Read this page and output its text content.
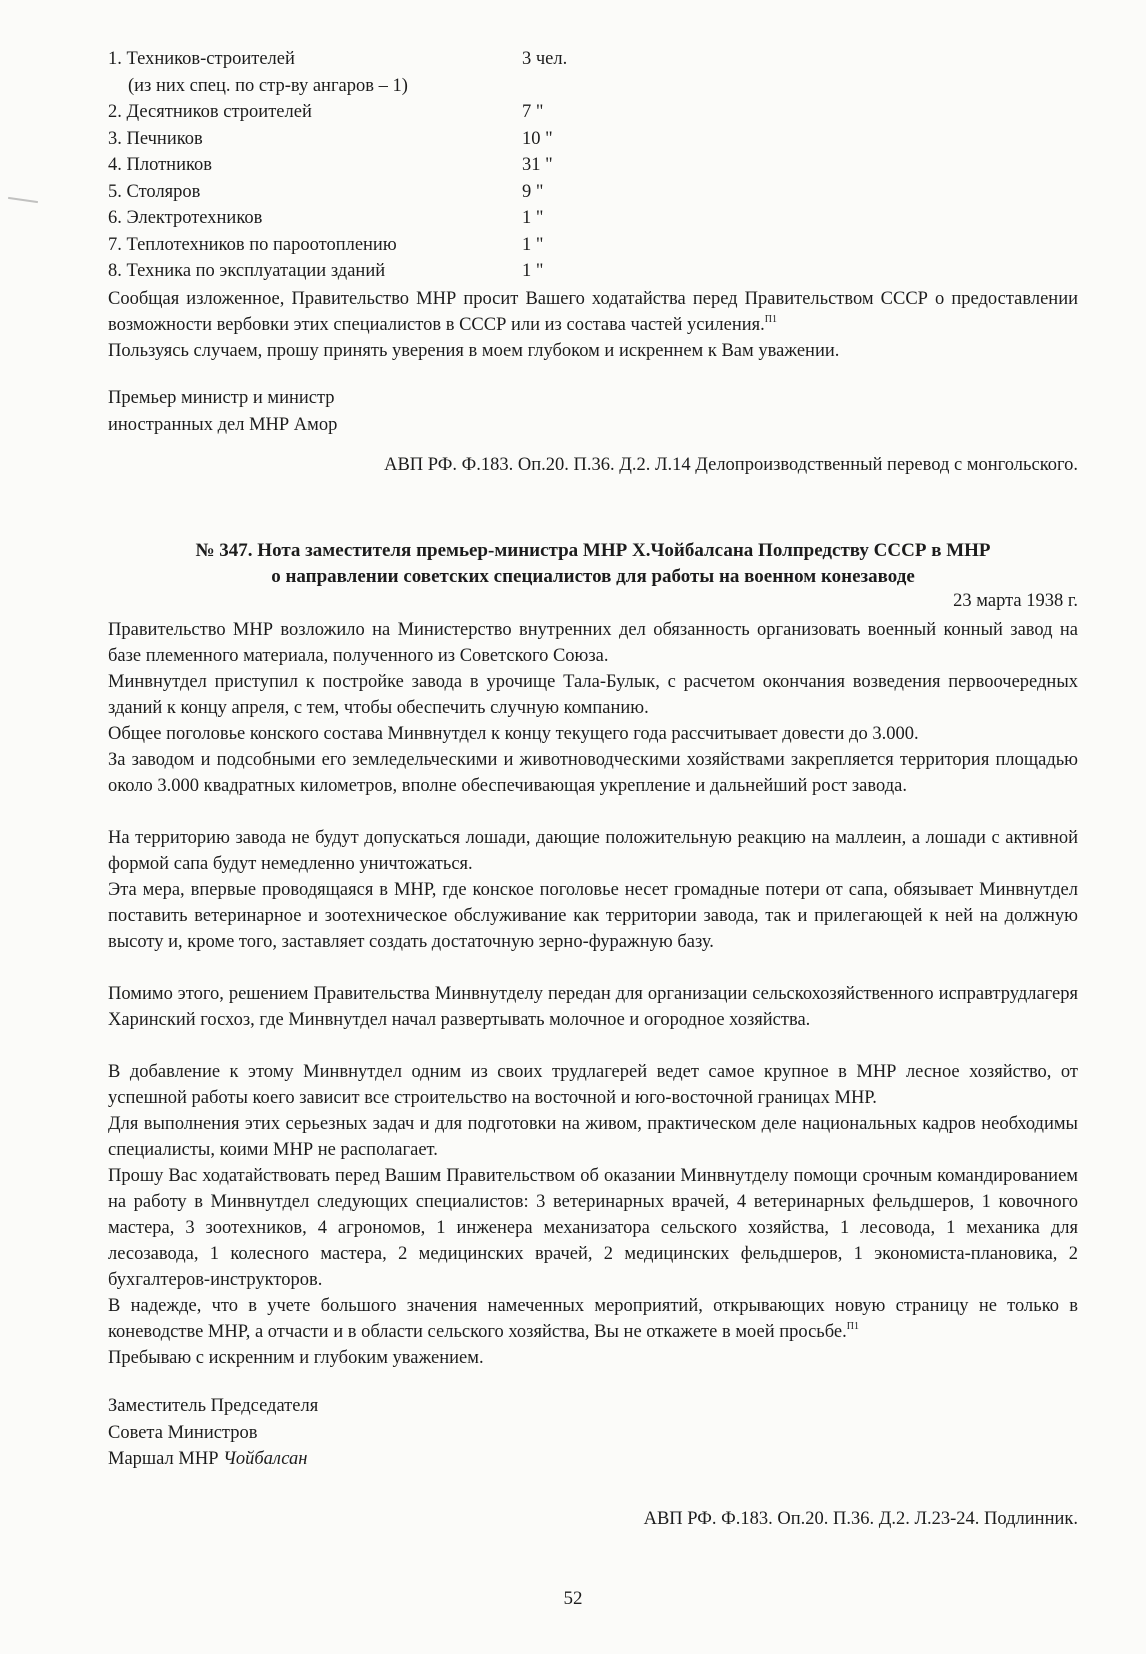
1. Техников-строителей	3 чел.
(из них спец. по стр-ву ангаров – 1)
2. Десятников строителей	7 "
3. Печников	10 "
4. Плотников	31 "
5. Столяров	9 "
6. Электротехников	1 "
7. Теплотехников по пароотоплению	1 "
8. Техника по эксплуатации зданий	1 "

Сообщая изложенное, Правительство МНР просит Вашего ходатайства перед Правительством СССР о предоставлении возможности вербовки этих специалистов в СССР или из состава частей усиления.$^{П1}$

Пользуясь случаем, прошу принять уверения в моем глубоком и искреннем к Вам уважении.

Премьер министр и министр
иностранных дел МНР Амор
АВП РФ. Ф.183. Оп.20. П.36. Д.2. Л.14 Делопроизводственный перевод с монгольского.
№ 347. Нота заместителя премьер-министра МНР Х.Чойбалсана Полпредству СССР в МНР
о направлении советских специалистов для работы на военном конезаводе
23 марта 1938 г.

Правительство МНР возложило на Министерство внутренних дел обязанность организовать военный конный завод на базе племенного материала, полученного из Советского Союза.

Минвнутдел приступил к постройке завода в урочище Тала-Булык, с расчетом окончания возведения первоочередных зданий к концу апреля, с тем, чтобы обеспечить случную компанию.

Общее поголовье конского состава Минвнутдел к концу текущего года рассчитывает довести до 3.000.

За заводом и подсобными его земледельческими и животноводческими хозяйствами закрепляется территория площадью около 3.000 квадратных километров, вполне обеспечивающая укрепление и дальнейший рост завода.

На территорию завода не будут допускаться лошади, дающие положительную реакцию на маллеин, а лошади с активной формой сапа будут немедленно уничтожаться.

Эта мера, впервые проводящаяся в МНР, где конское поголовье несет громадные потери от сапа, обязывает Минвнутдел поставить ветеринарное и зоотехническое обслуживание как территории завода, так и прилегающей к ней на должную высоту и, кроме того, заставляет создать достаточную зерно-фуражную базу.

Помимо этого, решением Правительства Минвнутделу передан для организации сельскохозяйственного исправтрудлагеря Харинский госхоз, где Минвнутдел начал развертывать молочное и огородное хозяйства.

В добавление к этому Минвнутдел одним из своих трудлагерей ведет самое крупное в МНР лесное хозяйство, от успешной работы коего зависит все строительство на восточной и юго-восточной границах МНР.

Для выполнения этих серьезных задач и для подготовки на живом, практическом деле национальных кадров необходимы специалисты, коими МНР не располагает.

Прошу Вас ходатайствовать перед Вашим Правительством об оказании Минвнутделу помощи срочным командированием на работу в Минвнутдел следующих специалистов: 3 ветеринарных врачей, 4 ветеринарных фельдшеров, 1 ковочного мастера, 3 зоотехников, 4 агрономов, 1 инженера механизатора сельского хозяйства, 1 лесовода, 1 механика для лесозавода, 1 колесного мастера, 2 медицинских врачей, 2 медицинских фельдшеров, 1 экономиста-плановика, 2 бухгалтеров-инструкторов.

В надежде, что в учете большого значения намеченных мероприятий, открывающих новую страницу не только в коневодстве МНР, а отчасти и в области сельского хозяйства, Вы не откажете в моей просьбе.$^{П1}$

Пребываю с искренним и глубоким уважением.

Заместитель Председателя
Совета Министров
Маршал МНР Чойбалсан
АВП РФ. Ф.183. Оп.20. П.36. Д.2. Л.23-24. Подлинник.
52
